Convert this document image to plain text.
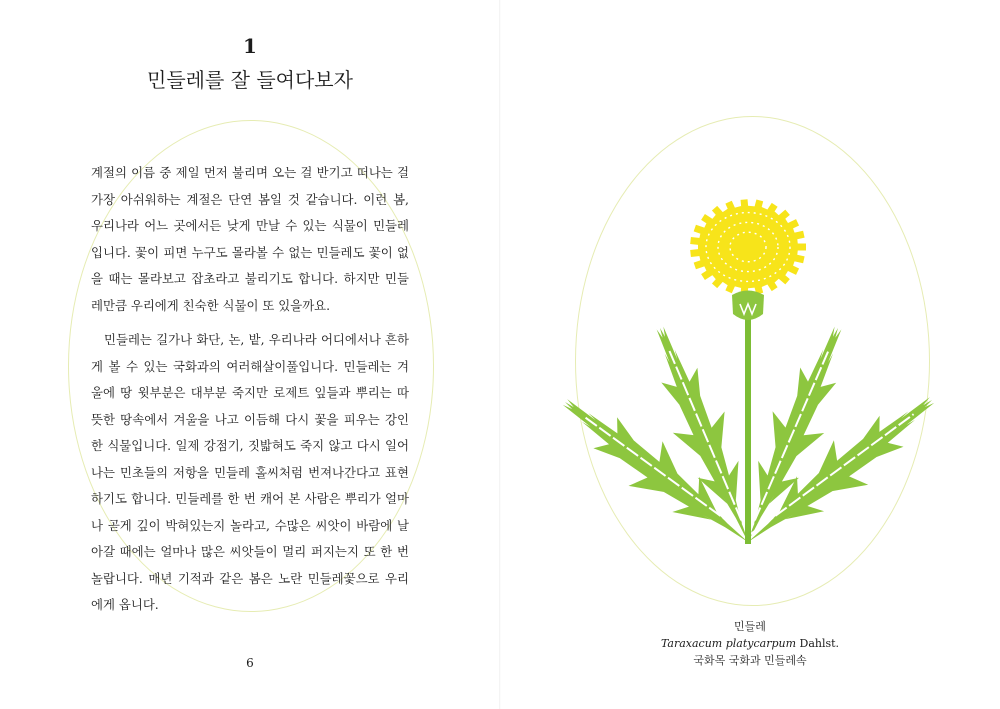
1
민들레를 잘 들여다보자

계절의 이름 중 제일 먼저 불리며 오는 걸 반기고 떠나는 걸 가장 아쉬워하는 계절은 단연 봄일 것 같습니다. 이런 봄, 우리나라 어느 곳에서든 낮게 만날 수 있는 식물이 민들레입니다. 꽃이 피면 누구도 몰라볼 수 없는 민들레도 꽃이 없을 때는 몰라보고 잡초라고 불리기도 합니다. 하지만 민들레만큼 우리에게 친숙한 식물이 또 있을까요.

민들레는 길가나 화단, 논, 밭, 우리나라 어디에서나 흔하게 볼 수 있는 국화과의 여러해살이풀입니다. 민들레는 겨울에 땅 윗부분은 대부분 죽지만 로제트 잎들과 뿌리는 따뜻한 땅속에서 겨울을 나고 이듬해 다시 꽃을 피우는 강인한 식물입니다. 일제 강점기, 짓밟혀도 죽지 않고 다시 일어나는 민초들의 저항을 민들레 홀씨처럼 번져나간다고 표현하기도 합니다. 민들레를 한 번 캐어 본 사람은 뿌리가 얼마나 곧게 깊이 박혀있는지 놀라고, 수많은 씨앗이 바람에 날아갈 때에는 얼마나 많은 씨앗들이 멀리 퍼지는지 또 한 번 놀랍니다. 매년 기적과 같은 봄은 노란 민들레꽃으로 우리에게 옵니다.

6
민들레
Taraxacum platycarpum Dahlst.
국화목 국화과 민들레속
